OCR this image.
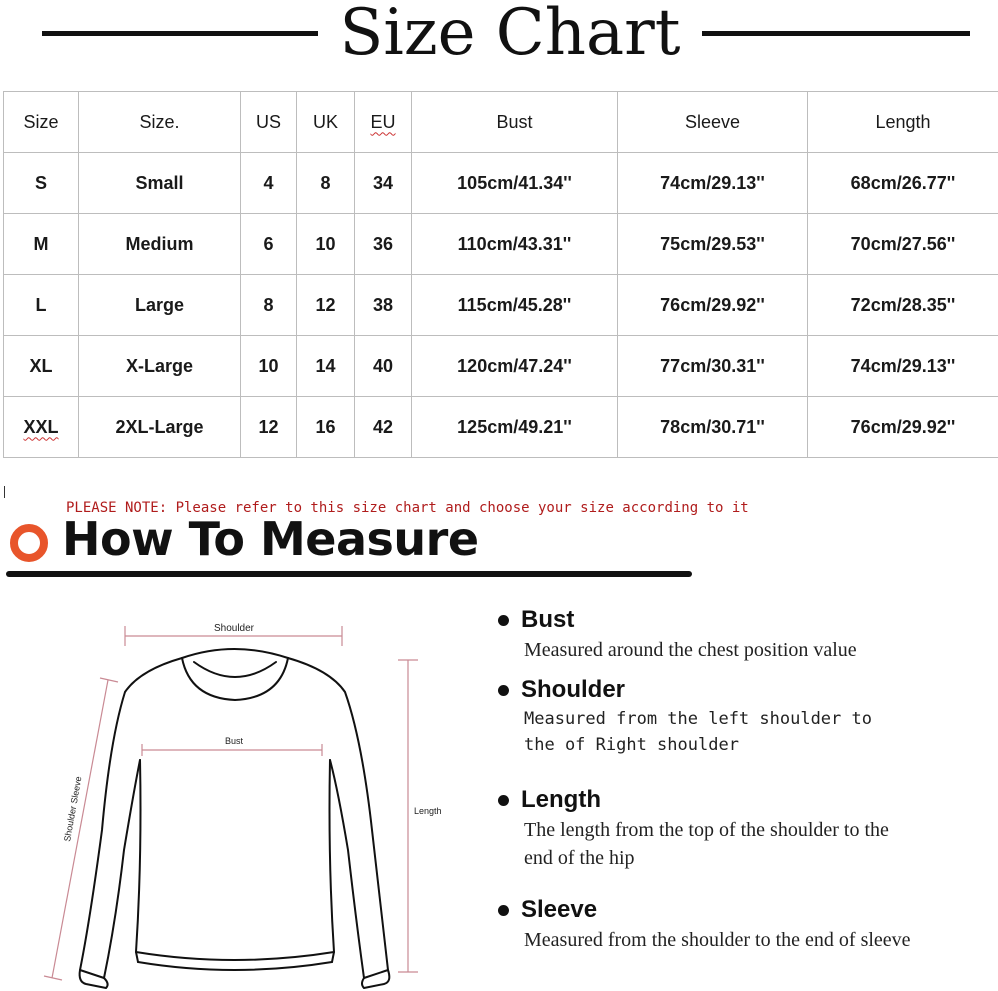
Size Chart
Size	Size.	US	UK	EU	Bust	Sleeve	Length
S	Small	4	8	34	105cm/41.34''	74cm/29.13''	68cm/26.77''
M	Medium	6	10	36	110cm/43.31''	75cm/29.53''	70cm/27.56''
L	Large	8	12	38	115cm/45.28''	76cm/29.92''	72cm/28.35''
XL	X-Large	10	14	40	120cm/47.24''	77cm/30.31''	74cm/29.13''
XXL	2XL-Large	12	16	42	125cm/49.21''	78cm/30.71''	76cm/29.92''
PLEASE NOTE: Please refer to this size chart and choose your size according to it
How To Measure
Shoulder
Bust
Length
Shoulder Sleeve
Bust
Measured around the chest position value
Shoulder
Measured from the left shoulder to the of Right shoulder
Length
The length from the top of the shoulder to the end of the hip
Sleeve
Measured from the shoulder to the end of sleeve
